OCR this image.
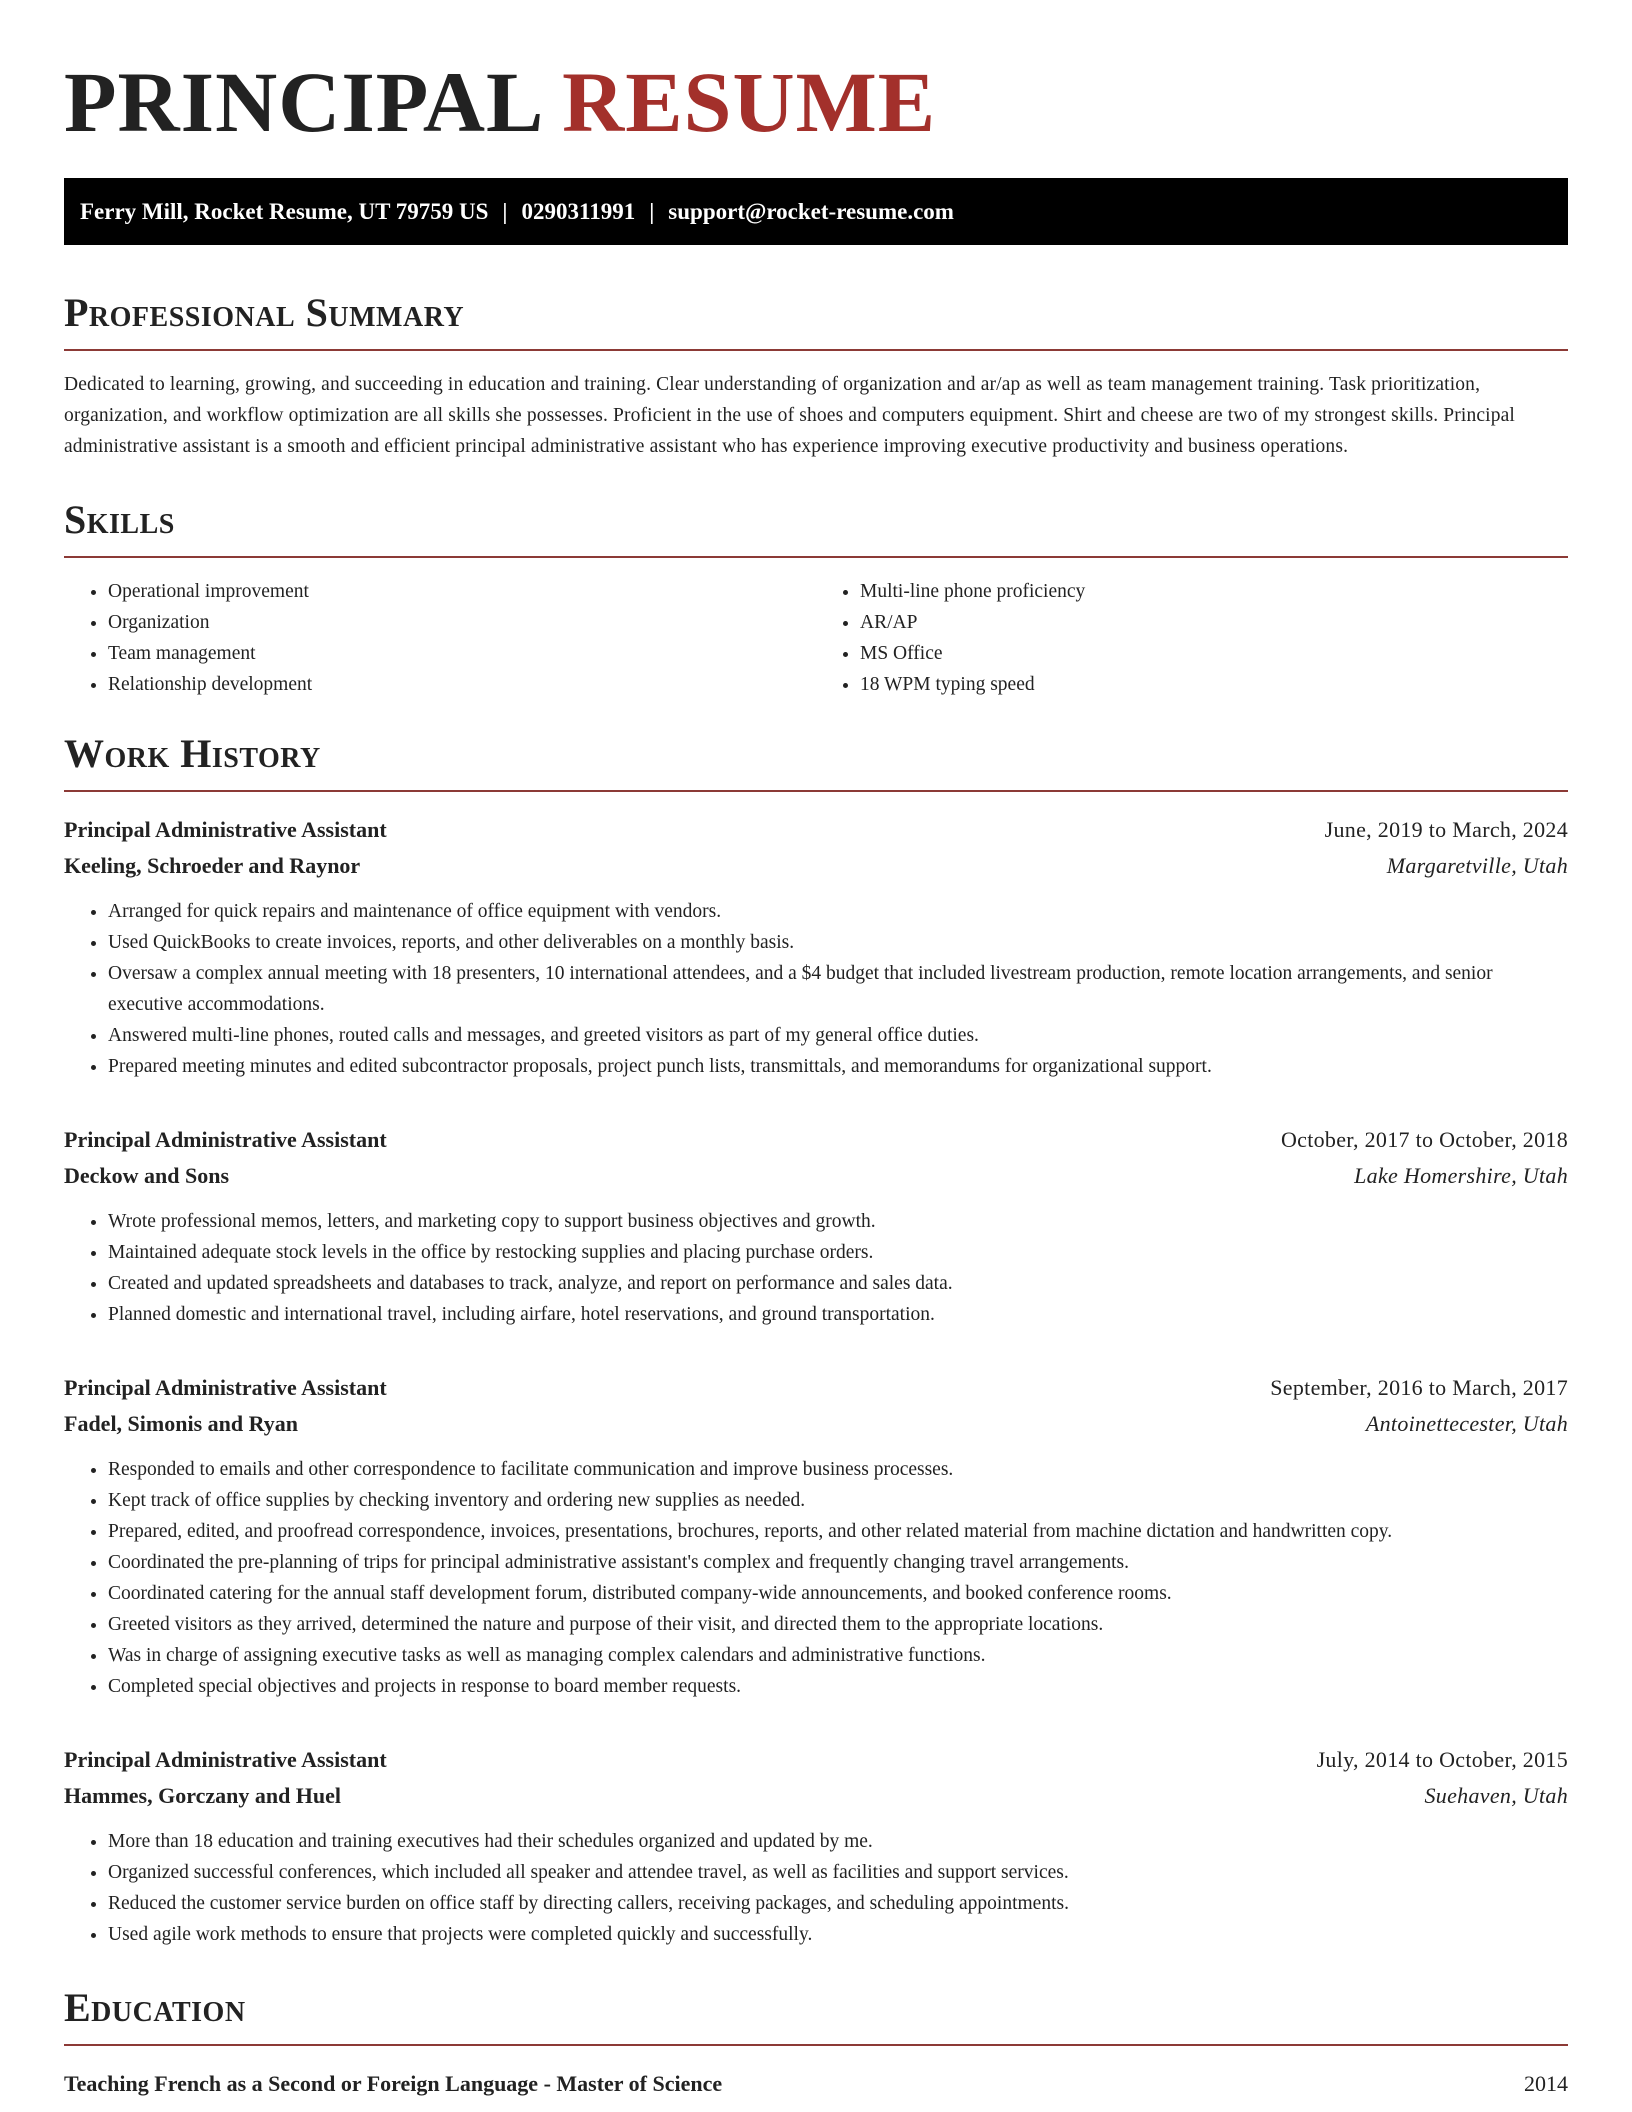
PRINCIPAL RESUME
Ferry Mill, Rocket Resume, UT 79759 US | 0290311991 | support@rocket-resume.com
Professional Summary

Dedicated to learning, growing, and succeeding in education and training. Clear understanding of organization and ar/ap as well as team management training. Task prioritization, organization, and workflow optimization are all skills she possesses. Proficient in the use of shoes and computers equipment. Shirt and cheese are two of my strongest skills. Principal administrative assistant is a smooth and efficient principal administrative assistant who has experience improving executive productivity and business operations.

Skills
• Operational improvement
• Organization
• Team management
• Relationship development
• Multi-line phone proficiency
• AR/AP
• MS Office
• 18 WPM typing speed
Work History
Principal Administrative Assistant	June, 2019 to March, 2024
Keeling, Schroeder and Raynor	Margaretville, Utah
• Arranged for quick repairs and maintenance of office equipment with vendors.
• Used QuickBooks to create invoices, reports, and other deliverables on a monthly basis.
• Oversaw a complex annual meeting with 18 presenters, 10 international attendees, and a $4 budget that included livestream production, remote location arrangements, and senior executive accommodations.
• Answered multi-line phones, routed calls and messages, and greeted visitors as part of my general office duties.
• Prepared meeting minutes and edited subcontractor proposals, project punch lists, transmittals, and memorandums for organizational support.
Principal Administrative Assistant	October, 2017 to October, 2018
Deckow and Sons	Lake Homershire, Utah
• Wrote professional memos, letters, and marketing copy to support business objectives and growth.
• Maintained adequate stock levels in the office by restocking supplies and placing purchase orders.
• Created and updated spreadsheets and databases to track, analyze, and report on performance and sales data.
• Planned domestic and international travel, including airfare, hotel reservations, and ground transportation.
Principal Administrative Assistant	September, 2016 to March, 2017
Fadel, Simonis and Ryan	Antoinettecester, Utah
• Responded to emails and other correspondence to facilitate communication and improve business processes.
• Kept track of office supplies by checking inventory and ordering new supplies as needed.
• Prepared, edited, and proofread correspondence, invoices, presentations, brochures, reports, and other related material from machine dictation and handwritten copy.
• Coordinated the pre-planning of trips for principal administrative assistant's complex and frequently changing travel arrangements.
• Coordinated catering for the annual staff development forum, distributed company-wide announcements, and booked conference rooms.
• Greeted visitors as they arrived, determined the nature and purpose of their visit, and directed them to the appropriate locations.
• Was in charge of assigning executive tasks as well as managing complex calendars and administrative functions.
• Completed special objectives and projects in response to board member requests.
Principal Administrative Assistant	July, 2014 to October, 2015
Hammes, Gorczany and Huel	Suehaven, Utah
• More than 18 education and training executives had their schedules organized and updated by me.
• Organized successful conferences, which included all speaker and attendee travel, as well as facilities and support services.
• Reduced the customer service burden on office staff by directing callers, receiving packages, and scheduling appointments.
• Used agile work methods to ensure that projects were completed quickly and successfully.
Education
Teaching French as a Second or Foreign Language - Master of Science	2014
